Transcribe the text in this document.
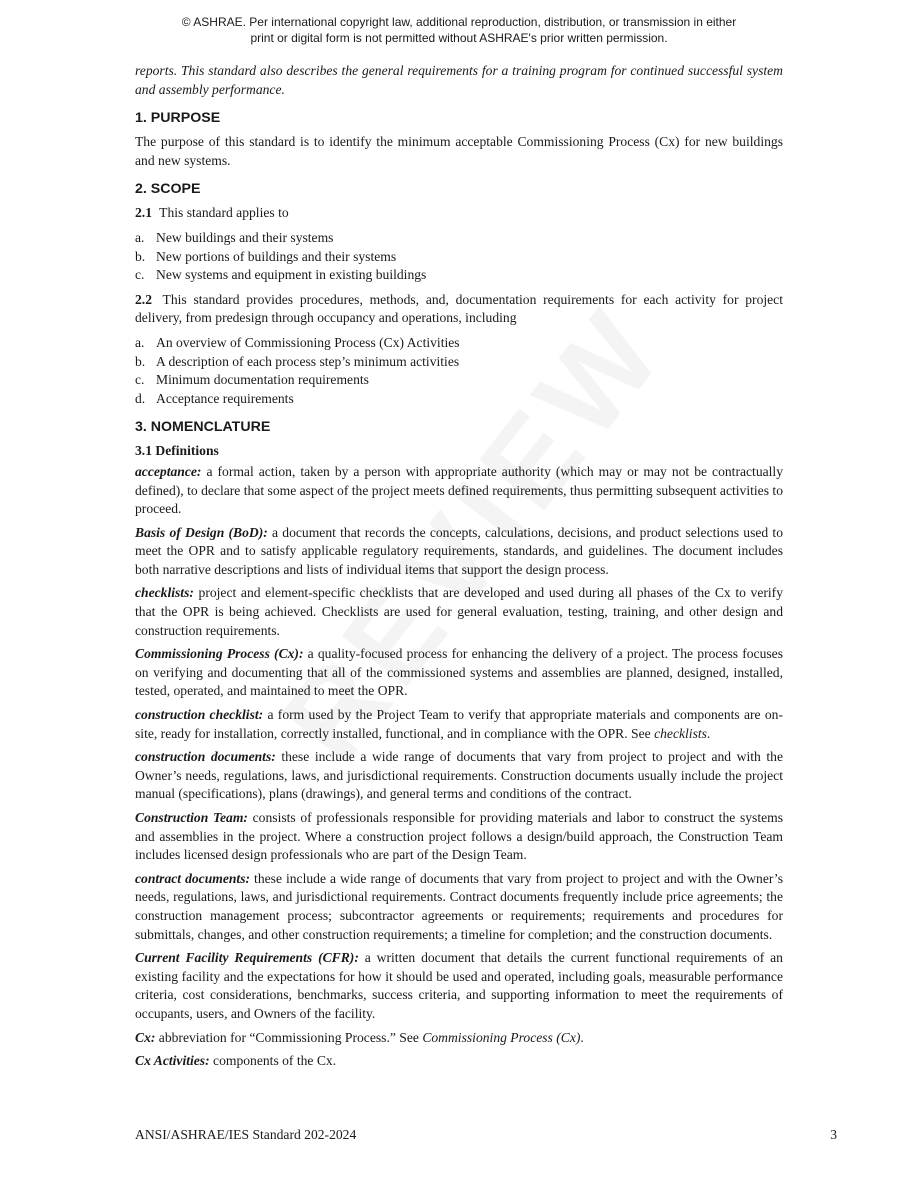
© ASHRAE. Per international copyright law, additional reproduction, distribution, or transmission in either
print or digital form is not permitted without ASHRAE's prior written permission.

reports. This standard also describes the general requirements for a training program for continued successful system and assembly performance.

1. PURPOSE

The purpose of this standard is to identify the minimum acceptable Commissioning Process (Cx) for new buildings and new systems.

2. SCOPE

2.1 This standard applies to

a. New buildings and their systems
b. New portions of buildings and their systems
c. New systems and equipment in existing buildings

2.2 This standard provides procedures, methods, and, documentation requirements for each activity for project delivery, from predesign through occupancy and operations, including

a. An overview of Commissioning Process (Cx) Activities
b. A description of each process step’s minimum activities
c. Minimum documentation requirements
d. Acceptance requirements
3. NOMENCLATURE
3.1 Definitions

acceptance: a formal action, taken by a person with appropriate authority (which may or may not be contractually defined), to declare that some aspect of the project meets defined requirements, thus permitting subsequent activities to proceed.

Basis of Design (BoD): a document that records the concepts, calculations, decisions, and product selections used to meet the OPR and to satisfy applicable regulatory requirements, standards, and guidelines. The document includes both narrative descriptions and lists of individual items that support the design process.

checklists: project and element-specific checklists that are developed and used during all phases of the Cx to verify that the OPR is being achieved. Checklists are used for general evaluation, testing, training, and other design and construction requirements.

Commissioning Process (Cx): a quality-focused process for enhancing the delivery of a project. The process focuses on verifying and documenting that all of the commissioned systems and assemblies are planned, designed, installed, tested, operated, and maintained to meet the OPR.

construction checklist: a form used by the Project Team to verify that appropriate materials and components are on-site, ready for installation, correctly installed, functional, and in compliance with the OPR. See checklists.

construction documents: these include a wide range of documents that vary from project to project and with the Owner’s needs, regulations, laws, and jurisdictional requirements. Construction documents usually include the project manual (specifications), plans (drawings), and general terms and conditions of the contract.

Construction Team: consists of professionals responsible for providing materials and labor to construct the systems and assemblies in the project. Where a construction project follows a design/build approach, the Construction Team includes licensed design professionals who are part of the Design Team.

contract documents: these include a wide range of documents that vary from project to project and with the Owner’s needs, regulations, laws, and jurisdictional requirements. Contract documents frequently include price agreements; the construction management process; subcontractor agreements or requirements; requirements and procedures for submittals, changes, and other construction requirements; a timeline for completion; and the construction documents.

Current Facility Requirements (CFR): a written document that details the current functional requirements of an existing facility and the expectations for how it should be used and operated, including goals, measurable performance criteria, cost considerations, benchmarks, success criteria, and supporting information to meet the requirements of occupants, users, and Owners of the facility.

Cx: abbreviation for “Commissioning Process.” See Commissioning Process (Cx).

Cx Activities: components of the Cx.

ANSI/ASHRAE/IES Standard 202-2024	3
